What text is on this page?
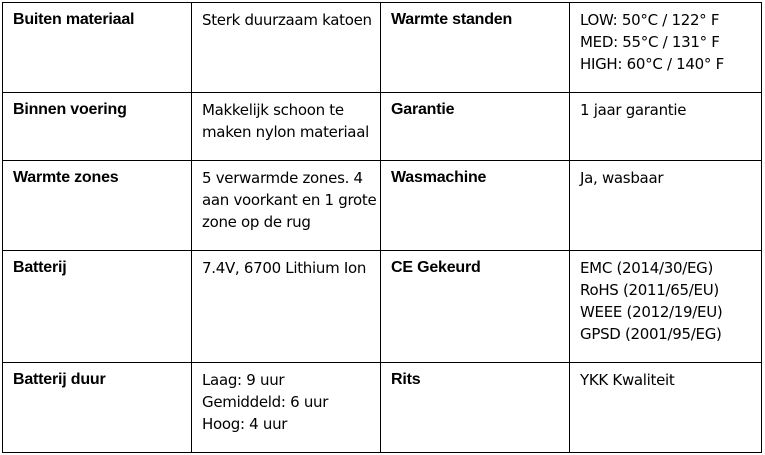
Buiten materiaal	Sterk duurzaam katoen	Warmte standen	LOW: 50°C / 122° F
MED: 55°C / 131° F
HIGH: 60°C / 140° F

Binnen voering	Makkelijk schoon te
maken nylon materiaal	Garantie	1 jaar garantie

Warmte zones	5 verwarmde zones. 4
aan voorkant en 1 grote
zone op de rug	Wasmachine	Ja, wasbaar

Batterij	7.4V, 6700 Lithium Ion	CE Gekeurd	EMC (2014/30/EG)
RoHS (2011/65/EU)
WEEE (2012/19/EU)
GPSD (2001/95/EG)

Batterij duur	Laag: 9 uur
Gemiddeld: 6 uur
Hoog: 4 uur	Rits	YKK Kwaliteit
